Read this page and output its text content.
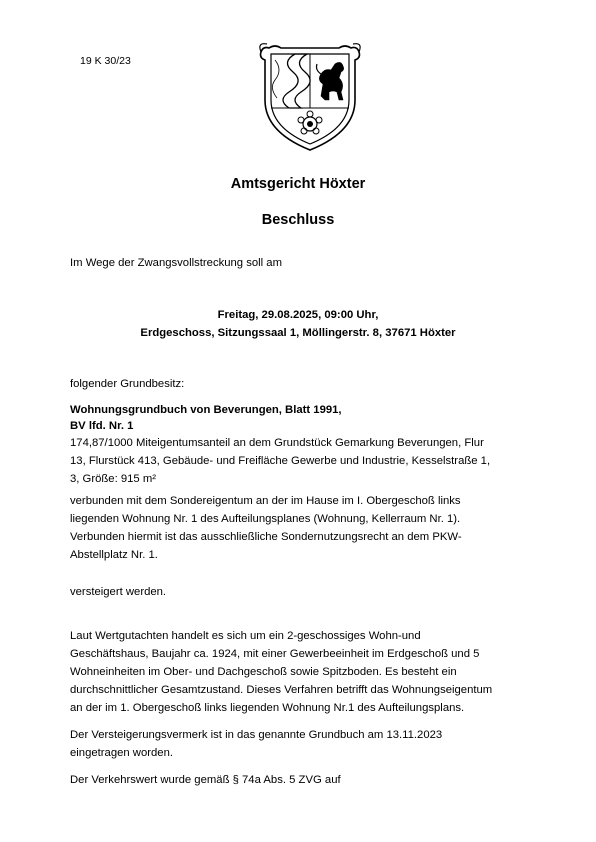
19 K 30/23
Amtsgericht Höxter
Beschluss
Im Wege der Zwangsvollstreckung soll am
Freitag, 29.08.2025, 09:00 Uhr,
Erdgeschoss, Sitzungssaal 1, Möllingerstr. 8, 37671 Höxter
folgender Grundbesitz:
Wohnungsgrundbuch von Beverungen, Blatt 1991,
BV lfd. Nr. 1
174,87/1000 Miteigentumsanteil an dem Grundstück Gemarkung Beverungen, Flur
13, Flurstück 413, Gebäude- und Freifläche Gewerbe und Industrie, Kesselstraße 1,
3, Größe: 915 m²
verbunden mit dem Sondereigentum an der im Hause im I. Obergeschoß links
liegenden Wohnung Nr. 1 des Aufteilungsplanes (Wohnung, Kellerraum Nr. 1).
Verbunden hiermit ist das ausschließliche Sondernutzungsrecht an dem PKW-
Abstellplatz Nr. 1.
versteigert werden.
Laut Wertgutachten handelt es sich um ein 2-geschossiges Wohn-und
Geschäftshaus, Baujahr ca. 1924, mit einer Gewerbeeinheit im Erdgeschoß und 5
Wohneinheiten im Ober- und Dachgeschoß sowie Spitzboden. Es besteht ein
durchschnittlicher Gesamtzustand. Dieses Verfahren betrifft das Wohnungseigentum
an der im 1. Obergeschoß links liegenden Wohnung Nr.1 des Aufteilungsplans.
Der Versteigerungsvermerk ist in das genannte Grundbuch am 13.11.2023
eingetragen worden.
Der Verkehrswert wurde gemäß § 74a Abs. 5 ZVG auf
